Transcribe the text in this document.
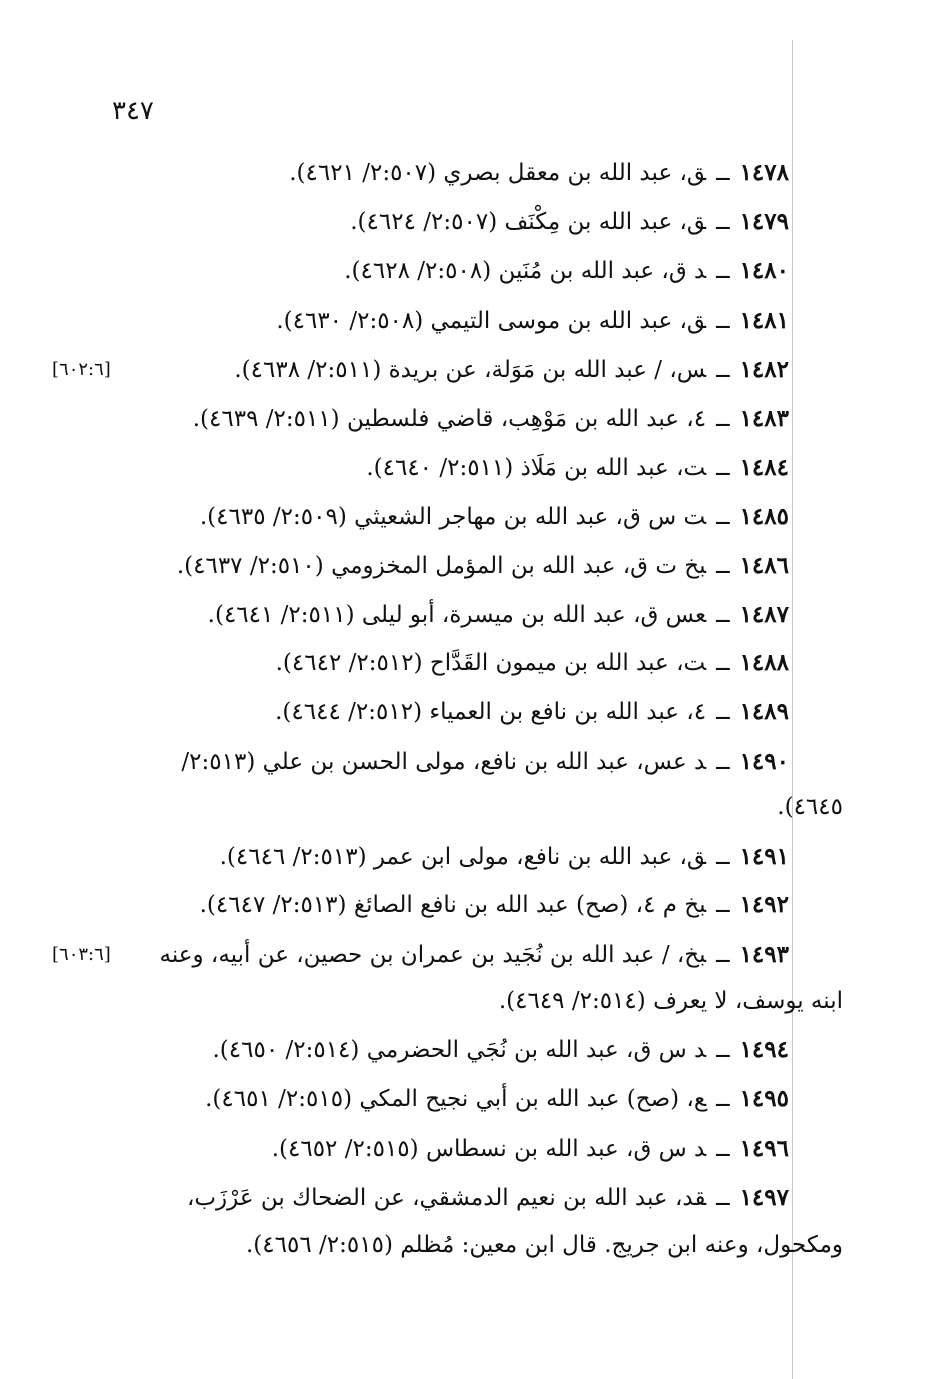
٣٤٧
١٤٧٨ــق، عبد الله بن معقل بصري (٢:٥٠٧/ ٤٦٢١).
١٤٧٩ــق، عبد الله بن مِكْنَف (٢:٥٠٧/ ٤٦٢٤).
١٤٨٠ــد ق، عبد الله بن مُنَين (٢:٥٠٨/ ٤٦٢٨).
١٤٨١ــق، عبد الله بن موسى التيمي (٢:٥٠٨/ ٤٦٣٠).
١٤٨٢ــس، / عبد الله بن مَوَلة، عن بريدة (٢:٥١١/ ٤٦٣٨).
[٦٠٢:٦]
١٤٨٣ــ٤، عبد الله بن مَوْهِب، قاضي فلسطين (٢:٥١١/ ٤٦٣٩).
١٤٨٤ــت، عبد الله بن مَلَاذ (٢:٥١١/ ٤٦٤٠).
١٤٨٥ــت س ق، عبد الله بن مهاجر الشعيثي (٢:٥٠٩/ ٤٦٣٥).
١٤٨٦ــبخ ت ق، عبد الله بن المؤمل المخزومي (٢:٥١٠/ ٤٦٣٧).
١٤٨٧ــعس ق، عبد الله بن ميسرة، أبو ليلى (٢:٥١١/ ٤٦٤١).
١٤٨٨ــت، عبد الله بن ميمون القَدَّاح (٢:٥١٢/ ٤٦٤٢).
١٤٨٩ــ٤، عبد الله بن نافع بن العمياء (٢:٥١٢/ ٤٦٤٤).
١٤٩٠ــد عس، عبد الله بن نافع، مولى الحسن بن علي (٢:٥١٣/
٤٦٤٥).
١٤٩١ــق، عبد الله بن نافع، مولى ابن عمر (٢:٥١٣/ ٤٦٤٦).
١٤٩٢ــبخ م ٤، (صح) عبد الله بن نافع الصائغ (٢:٥١٣/ ٤٦٤٧).
١٤٩٣ــبخ، / عبد الله بن نُجَيد بن عمران بن حصين، عن أبيه، وعنه
[٦٠٣:٦]
ابنه يوسف، لا يعرف (٢:٥١٤/ ٤٦٤٩).
١٤٩٤ــد س ق، عبد الله بن نُجَي الحضرمي (٢:٥١٤/ ٤٦٥٠).
١٤٩٥ــع، (صح) عبد الله بن أبي نجيح المكي (٢:٥١٥/ ٤٦٥١).
١٤٩٦ــد س ق، عبد الله بن نسطاس (٢:٥١٥/ ٤٦٥٢).
١٤٩٧ــقد، عبد الله بن نعيم الدمشقي، عن الضحاك بن عَرْزَب،
ومكحول، وعنه ابن جريج. قال ابن معين: مُظلم (٢:٥١٥/ ٤٦٥٦).
